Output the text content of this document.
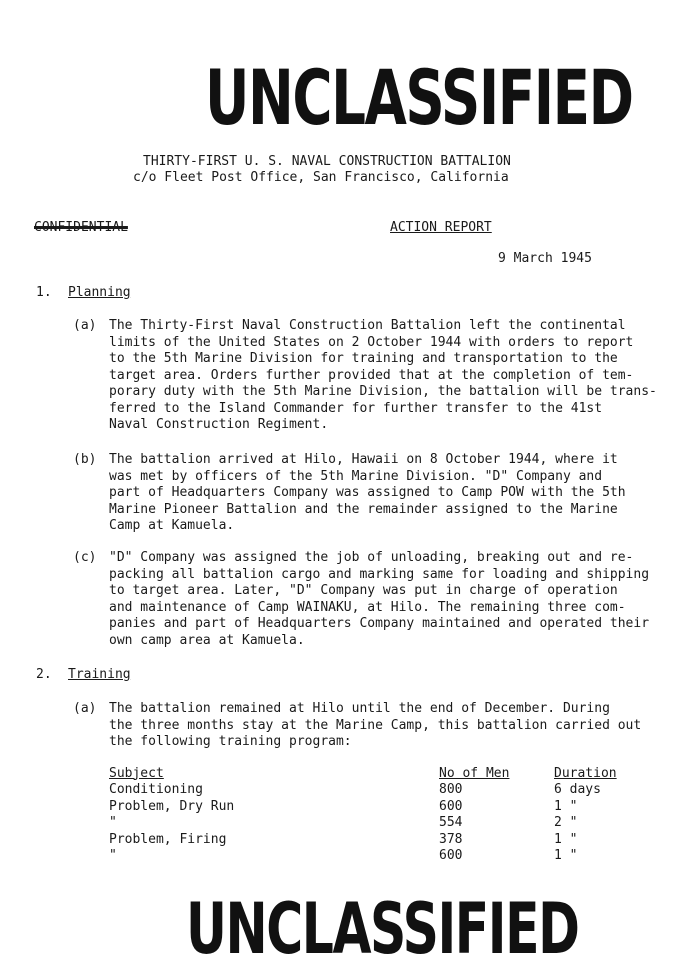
UNCLASSIFIED
THIRTY-FIRST U. S. NAVAL CONSTRUCTION BATTALION
c/o Fleet Post Office, San Francisco, California
CONFIDENTIAL	ACTION REPORT
9 March 1945
1. Planning
(a) The Thirty-First Naval Construction Battalion left the continental
limits of the United States on 2 October 1944 with orders to report
to the 5th Marine Division for training and transportation to the
target area. Orders further provided that at the completion of tem-
porary duty with the 5th Marine Division, the battalion will be trans-
ferred to the Island Commander for further transfer to the 41st
Naval Construction Regiment.
(b) The battalion arrived at Hilo, Hawaii on 8 October 1944, where it
was met by officers of the 5th Marine Division. "D" Company and
part of Headquarters Company was assigned to Camp POW with the 5th
Marine Pioneer Battalion and the remainder assigned to the Marine
Camp at Kamuela.
(c) "D" Company was assigned the job of unloading, breaking out and re-
packing all battalion cargo and marking same for loading and shipping
to target area. Later, "D" Company was put in charge of operation
and maintenance of Camp WAINAKU, at Hilo. The remaining three com-
panies and part of Headquarters Company maintained and operated their
own camp area at Kamuela.
2. Training
(a) The battalion remained at Hilo until the end of December. During
the three months stay at the Marine Camp, this battalion carried out
the following training program:
Subject	No of Men	Duration
Conditioning	800	6 days
Problem, Dry Run	600	1 "
"	554	2 "
Problem, Firing	378	1 "
"	600	1 "
UNCLASSIFIED
